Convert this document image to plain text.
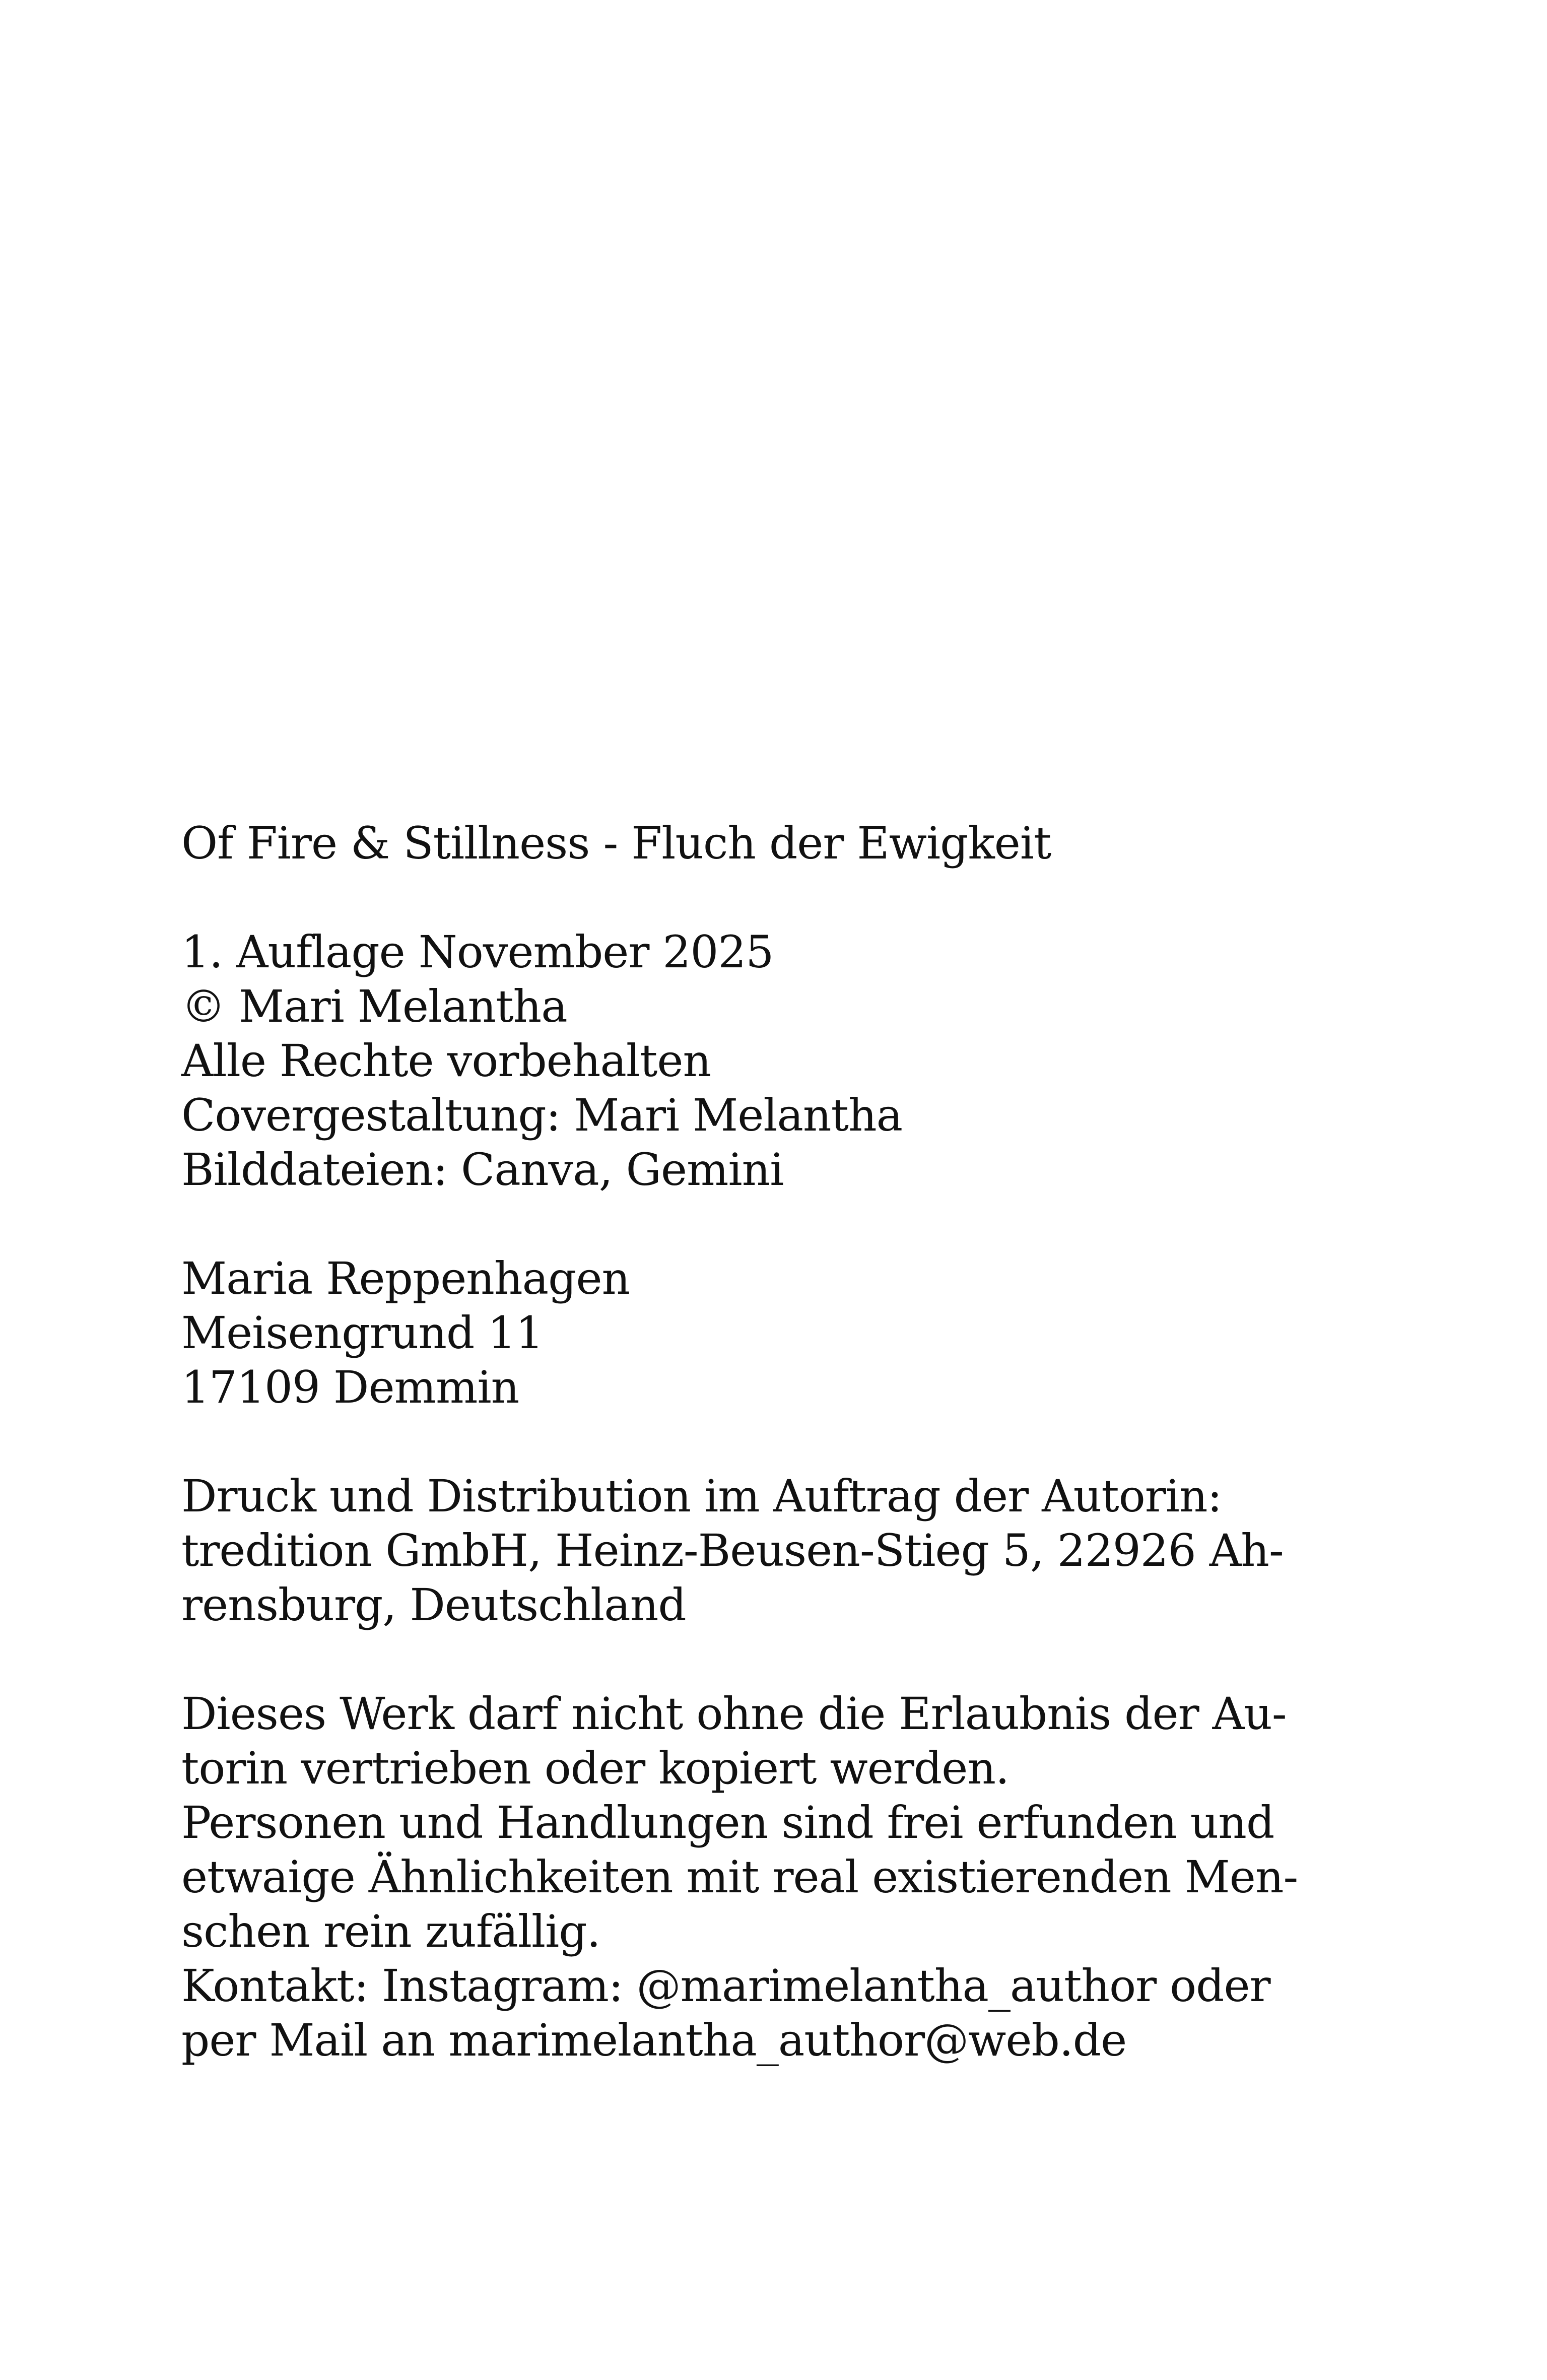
Of Fire & Stillness - Fluch der Ewigkeit
1. Auflage November 2025
© Mari Melantha
Alle Rechte vorbehalten
Covergestaltung: Mari Melantha
Bilddateien: Canva, Gemini
Maria Reppenhagen
Meisengrund 11
17109 Demmin
Druck und Distribution im Auftrag der Autorin:
tredition GmbH, Heinz-Beusen-Stieg 5, 22926 Ah-
rensburg, Deutschland
Dieses Werk darf nicht ohne die Erlaubnis der Au-
torin vertrieben oder kopiert werden.
Personen und Handlungen sind frei erfunden und
etwaige Ähnlichkeiten mit real existierenden Men-
schen rein zufällig.
Kontakt: Instagram: @marimelantha_author oder
per Mail an marimelantha_author@web.de
